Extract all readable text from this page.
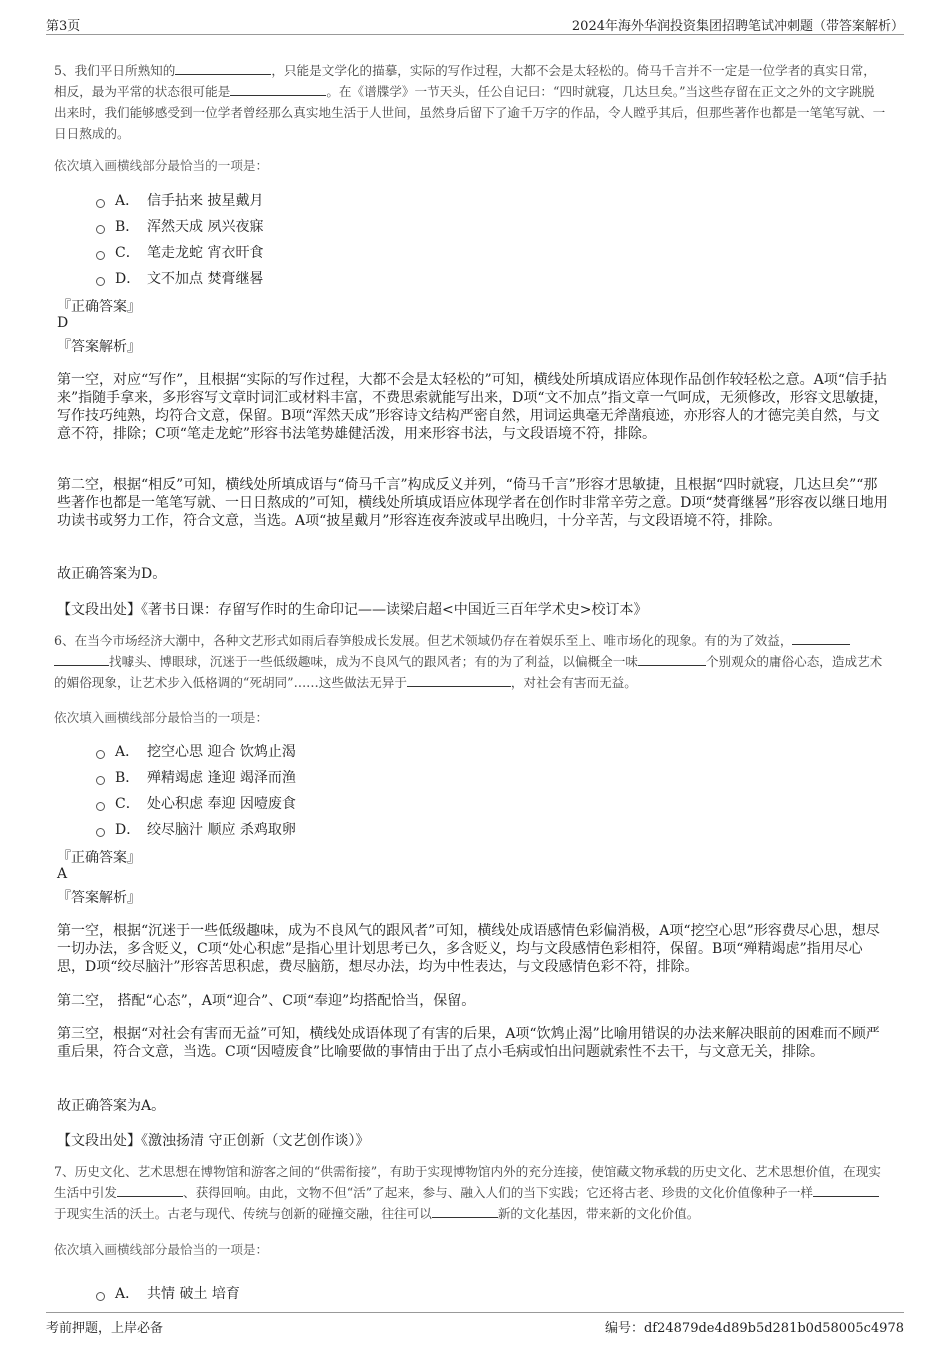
第3页	2024年海外华润投资集团招聘笔试冲刺题（带答案解析）
5、我们平日所熟知的	，只能是文学化的描摹，实际的写作过程，大都不会是太轻松的。倚马千言并不一定是一位学者的真实日常，相反，最为平常的状态很可能是	。在《谱牒学》一节天头，任公自记曰：“四时就寝，几达旦矣。”当这些存留在正文之外的文字跳脱出来时，我们能够感受到一位学者曾经那么真实地生活于人世间，虽然身后留下了逾千万字的作品，令人瞠乎其后，但那些著作也都是一笔笔写就、一日日熬成的。
依次填入画横线部分最恰当的一项是：
A． 信手拈来 披星戴月
B． 浑然天成 夙兴夜寐
C． 笔走龙蛇 宵衣旰食
D． 文不加点 焚膏继晷
『正确答案』
D
『答案解析』
第一空，对应“写作”，且根据“实际的写作过程，大都不会是太轻松的”可知，横线处所填成语应体现作品创作较轻松之意。A项“信手拈来”指随手拿来，多形容写文章时词汇或材料丰富，不费思索就能写出来，D项“文不加点”指文章一气呵成，无须修改，形容文思敏捷，写作技巧纯熟，均符合文意，保留。B项“浑然天成”形容诗文结构严密自然，用词运典毫无斧凿痕迹，亦形容人的才德完美自然，与文意不符，排除；C项“笔走龙蛇”形容书法笔势雄健活泼，用来形容书法，与文段语境不符，排除。
第二空，根据“相反”可知，横线处所填成语与“倚马千言”构成反义并列，“倚马千言”形容才思敏捷，且根据“四时就寝，几达旦矣”“那些著作也都是一笔笔写就、一日日熬成的”可知，横线处所填成语应体现学者在创作时非常辛劳之意。D项“焚膏继晷”形容夜以继日地用功读书或努力工作，符合文意，当选。A项“披星戴月”形容连夜奔波或早出晚归，十分辛苦，与文段语境不符，排除。
故正确答案为D。
【文段出处】《著书日课：存留写作时的生命印记——读梁启超<中国近三百年学术史>校订本》
6、在当今市场经济大潮中，各种文艺形式如雨后春笋般成长发展。但艺术领域仍存在着娱乐至上、唯市场化的现象。有的为了效益，找噱头、博眼球，沉迷于一些低级趣味，成为不良风气的跟风者；有的为了利益，以偏概全一味	个别观众的庸俗心态，造成艺术的媚俗现象，让艺术步入低格调的“死胡同”……这些做法无异于	，对社会有害而无益。
依次填入画横线部分最恰当的一项是：
A． 挖空心思 迎合 饮鸩止渴
B． 殚精竭虑 逢迎 竭泽而渔
C． 处心积虑 奉迎 因噎废食
D． 绞尽脑汁 顺应 杀鸡取卵
『正确答案』
A
『答案解析』
第一空，根据“沉迷于一些低级趣味，成为不良风气的跟风者”可知，横线处成语感情色彩偏消极，A项“挖空心思”形容费尽心思，想尽一切办法，多含贬义，C项“处心积虑”是指心里计划思考已久，多含贬义，均与文段感情色彩相符，保留。B项“殚精竭虑”指用尽心思，D项“绞尽脑汁”形容苦思积虑，费尽脑筋，想尽办法，均为中性表达，与文段感情色彩不符，排除。
第二空， 搭配“心态”，A项“迎合”、C项“奉迎”均搭配恰当，保留。
第三空，根据“对社会有害而无益”可知，横线处成语体现了有害的后果，A项“饮鸩止渴”比喻用错误的办法来解决眼前的困难而不顾严重后果，符合文意，当选。C项“因噎废食”比喻要做的事情由于出了点小毛病或怕出问题就索性不去干，与文意无关，排除。
故正确答案为A。
【文段出处】《激浊扬清 守正创新（文艺创作谈）》
7、历史文化、艺术思想在博物馆和游客之间的“供需衔接”，有助于实现博物馆内外的充分连接，使馆藏文物承载的历史文化、艺术思想价值，在现实生活中引发	、获得回响。由此，文物不但“活”了起来，参与、融入人们的当下实践；它还将古老、珍贵的文化价值像种子一样于现实生活的沃土。古老与现代、传统与创新的碰撞交融，往往可以	新的文化基因，带来新的文化价值。
依次填入画横线部分最恰当的一项是：
A． 共情 破土 培育
考前押题，上岸必备	编号：df24879de4d89b5d281b0d58005c4978
